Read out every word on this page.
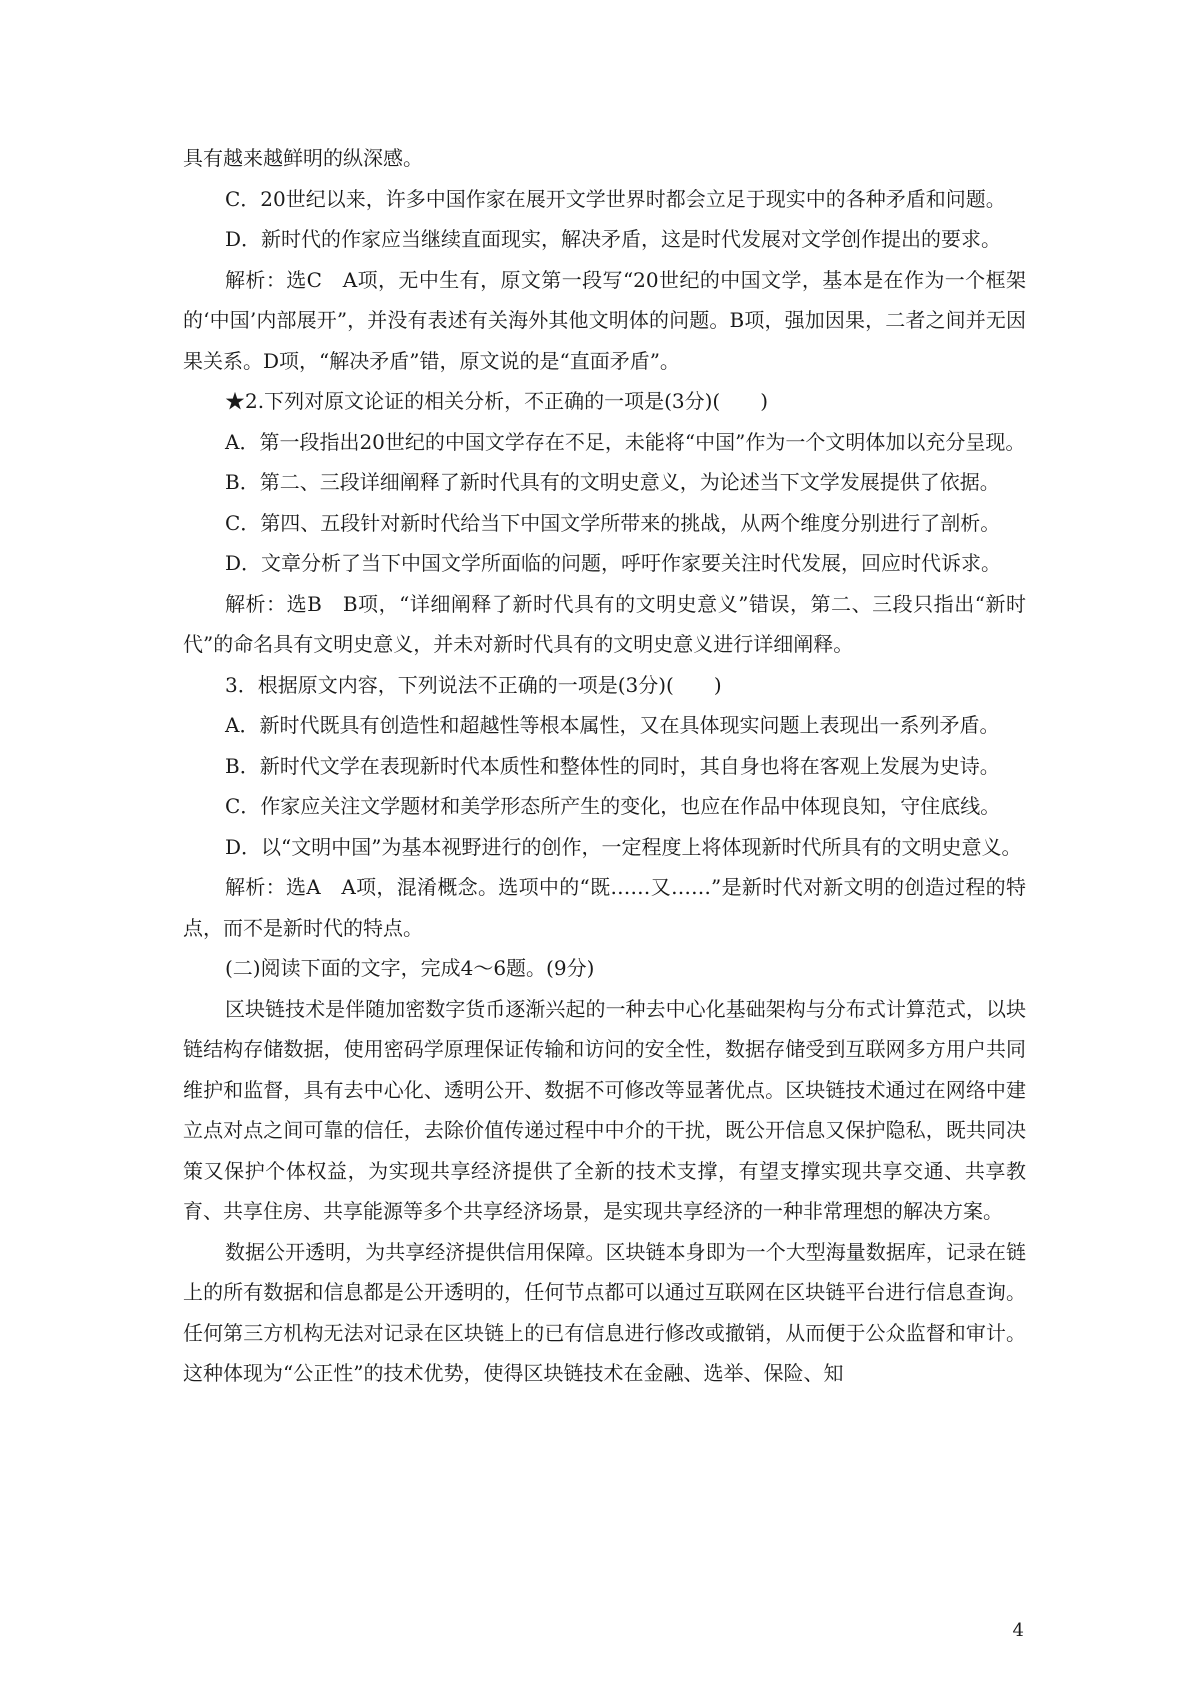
具有越来越鲜明的纵深感。

C．20世纪以来，许多中国作家在展开文学世界时都会立足于现实中的各种矛盾和问题。

D．新时代的作家应当继续直面现实，解决矛盾，这是时代发展对文学创作提出的要求。

解析：选C　A项，无中生有，原文第一段写“20世纪的中国文学，基本是在作为一个框架的‘中国’内部展开”，并没有表述有关海外其他文明体的问题。B项，强加因果，二者之间并无因果关系。D项，“解决矛盾”错，原文说的是“直面矛盾”。

★2.下列对原文论证的相关分析，不正确的一项是(3分)(　　)

A．第一段指出20世纪的中国文学存在不足，未能将“中国”作为一个文明体加以充分呈现。

B．第二、三段详细阐释了新时代具有的文明史意义，为论述当下文学发展提供了依据。

C．第四、五段针对新时代给当下中国文学所带来的挑战，从两个维度分别进行了剖析。

D．文章分析了当下中国文学所面临的问题，呼吁作家要关注时代发展，回应时代诉求。

解析：选B　B项，“详细阐释了新时代具有的文明史意义”错误，第二、三段只指出“新时代”的命名具有文明史意义，并未对新时代具有的文明史意义进行详细阐释。

3．根据原文内容，下列说法不正确的一项是(3分)(　　)

A．新时代既具有创造性和超越性等根本属性，又在具体现实问题上表现出一系列矛盾。

B．新时代文学在表现新时代本质性和整体性的同时，其自身也将在客观上发展为史诗。

C．作家应关注文学题材和美学形态所产生的变化，也应在作品中体现良知，守住底线。

D．以“文明中国”为基本视野进行的创作，一定程度上将体现新时代所具有的文明史意义。

解析：选A　A项，混淆概念。选项中的“既……又……”是新时代对新文明的创造过程的特点，而不是新时代的特点。

(二)阅读下面的文字，完成4～6题。(9分)

区块链技术是伴随加密数字货币逐渐兴起的一种去中心化基础架构与分布式计算范式，以块链结构存储数据，使用密码学原理保证传输和访问的安全性，数据存储受到互联网多方用户共同维护和监督，具有去中心化、透明公开、数据不可修改等显著优点。区块链技术通过在网络中建立点对点之间可靠的信任，去除价值传递过程中中介的干扰，既公开信息又保护隐私，既共同决策又保护个体权益，为实现共享经济提供了全新的技术支撑，有望支撑实现共享交通、共享教育、共享住房、共享能源等多个共享经济场景，是实现共享经济的一种非常理想的解决方案。

数据公开透明，为共享经济提供信用保障。区块链本身即为一个大型海量数据库，记录在链上的所有数据和信息都是公开透明的，任何节点都可以通过互联网在区块链平台进行信息查询。任何第三方机构无法对记录在区块链上的已有信息进行修改或撤销，从而便于公众监督和审计。这种体现为“公正性”的技术优势，使得区块链技术在金融、选举、保险、知

4
